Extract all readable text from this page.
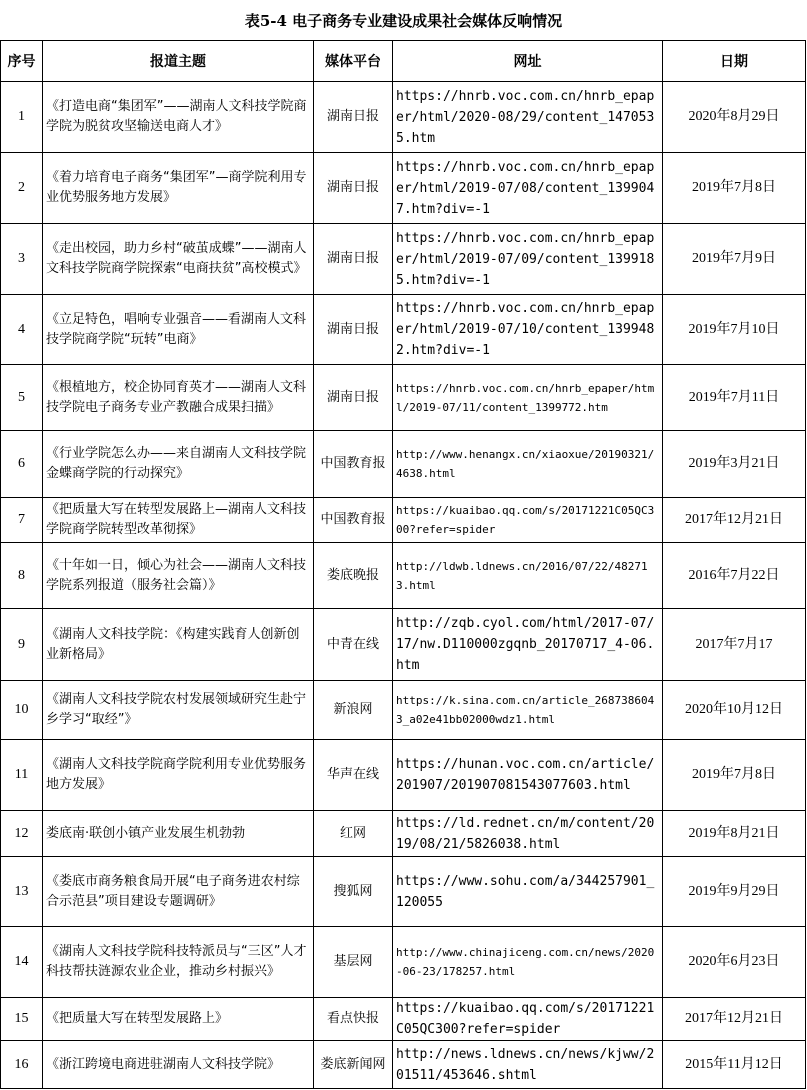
表5-4 电子商务专业建设成果社会媒体反响情况
序号	报道主题	媒体平台	网址	日期
1	《打造电商“集团军”——湖南人文科技学院商学院为脱贫攻坚输送电商人才》	湖南日报	https://hnrb.voc.com.cn/hnrb_epaper/html/2020-08/29/content_1470535.htm	2020年8月29日
2	《着力培育电子商务“集团军”—商学院利用专业优势服务地方发展》	湖南日报	https://hnrb.voc.com.cn/hnrb_epaper/html/2019-07/08/content_1399047.htm?div=-1	2019年7月8日
3	《走出校园，助力乡村“破茧成蝶”——湖南人文科技学院商学院探索“电商扶贫”高校模式》	湖南日报	https://hnrb.voc.com.cn/hnrb_epaper/html/2019-07/09/content_1399185.htm?div=-1	2019年7月9日
4	《立足特色，唱响专业强音——看湖南人文科技学院商学院“玩转”电商》	湖南日报	https://hnrb.voc.com.cn/hnrb_epaper/html/2019-07/10/content_1399482.htm?div=-1	2019年7月10日
5	《根植地方，校企协同育英才——湖南人文科技学院电子商务专业产教融合成果扫描》	湖南日报	https://hnrb.voc.com.cn/hnrb_epaper/html/2019-07/11/content_1399772.htm	2019年7月11日
6	《行业学院怎么办——来自湖南人文科技学院金蝶商学院的行动探究》	中国教育报	http://www.henangx.cn/xiaoxue/20190321/4638.html	2019年3月21日
7	《把质量大写在转型发展路上—湖南人文科技学院商学院转型改革彻探》	中国教育报	https://kuaibao.qq.com/s/20171221C05QC300?refer=spider	2017年12月21日
8	《十年如一日，倾心为社会——湖南人文科技学院系列报道（服务社会篇）》	娄底晚报	http://ldwb.ldnews.cn/2016/07/22/482713.html	2016年7月22日
9	《湖南人文科技学院：《构建实践育人创新创业新格局》	中青在线	http://zqb.cyol.com/html/2017-07/17/nw.D110000zgqnb_20170717_4-06.htm	2017年7月17
10	《湖南人文科技学院农村发展领域研究生赴宁乡学习“取经”》	新浪网	https://k.sina.com.cn/article_2687386043_a02e41bb02000wdz1.html	2020年10月12日
11	《湖南人文科技学院商学院利用专业优势服务地方发展》	华声在线	https://hunan.voc.com.cn/article/201907/201907081543077603.html	2019年7月8日
12	娄底南·联创小镇产业发展生机勃勃	红网	https://ld.rednet.cn/m/content/2019/08/21/5826038.html	2019年8月21日
13	《娄底市商务粮食局开展“电子商务进农村综合示范县”项目建设专题调研》	搜狐网	https://www.sohu.com/a/344257901_120055	2019年9月29日
14	《湖南人文科技学院科技特派员与“三区”人才科技帮扶涟源农业企业，推动乡村振兴》	基层网	http://www.chinajiceng.com.cn/news/2020-06-23/178257.html	2020年6月23日
15	《把质量大写在转型发展路上》	看点快报	https://kuaibao.qq.com/s/20171221C05QC300?refer=spider	2017年12月21日
16	《浙江跨境电商进驻湖南人文科技学院》	娄底新闻网	http://news.ldnews.cn/news/kjww/201511/453646.shtml	2015年11月12日
